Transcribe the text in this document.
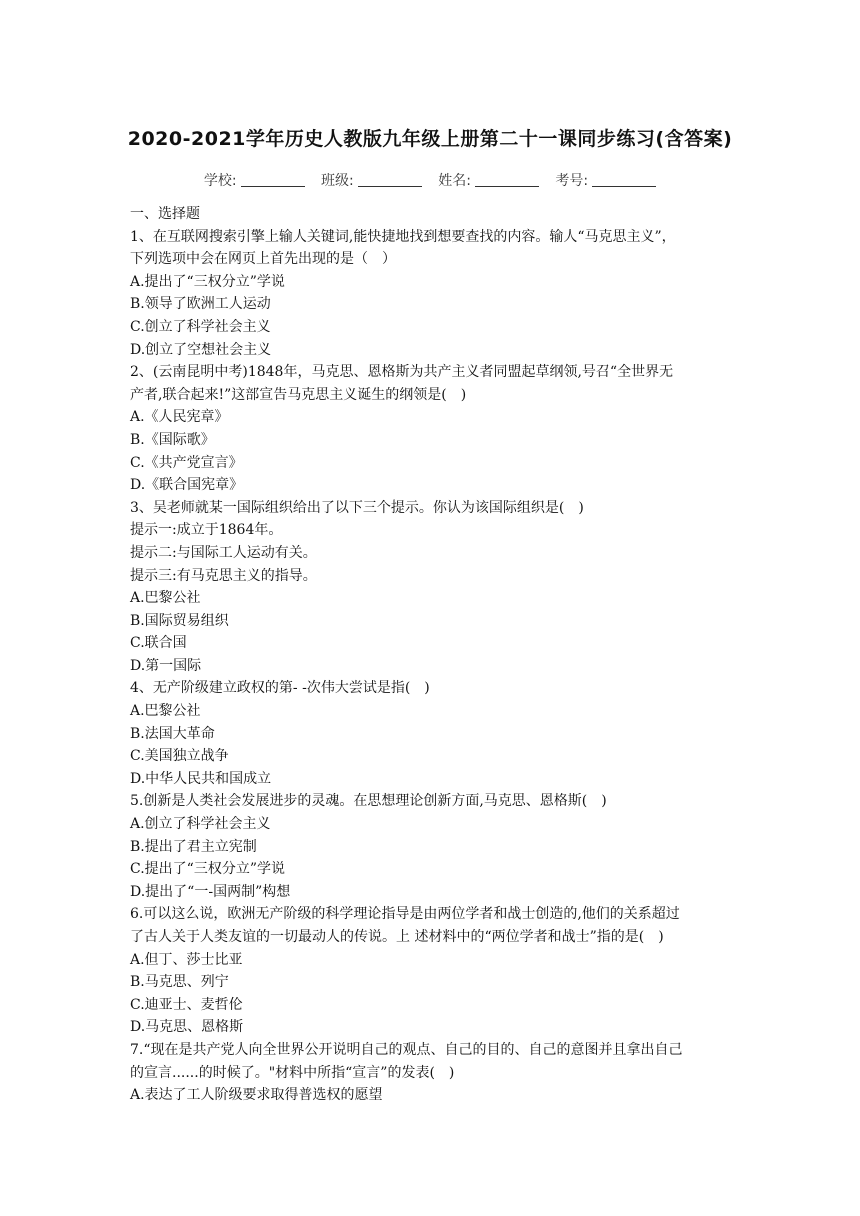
2020-2021学年历史人教版九年级上册第二十一课同步练习(含答案)
学校:	班级:	姓名:	考号:
一、选择题
1、在互联网搜索引擎上输人关键词,能快捷地找到想要查找的内容。输人“马克思主义”，
下列选项中会在网页上首先出现的是（　）
A.提出了“三权分立”学说
B.领导了欧洲工人运动
C.创立了科学社会主义
D.创立了空想社会主义
2、(云南昆明中考)1848年，马克思、恩格斯为共产主义者同盟起草纲领,号召“全世界无
产者,联合起来!”这部宣告马克思主义诞生的纲领是(　)
A.《人民宪章》
B.《国际歌》
C.《共产党宣言》
D.《联合国宪章》
3、吴老师就某一国际组织给出了以下三个提示。你认为该国际组织是(　)
提示一:成立于1864年。
提示二:与国际工人运动有关。
提示三:有马克思主义的指导。
A.巴黎公社
B.国际贸易组织
C.联合国
D.第一国际
4、无产阶级建立政权的第- -次伟大尝试是指(　)
A.巴黎公社
B.法国大革命
C.美国独立战争
D.中华人民共和国成立
5.创新是人类社会发展进步的灵魂。在思想理论创新方面,马克思、恩格斯(　)
A.创立了科学社会主义
B.提出了君主立宪制
C.提出了“三权分立”学说
D.提出了“一-国两制”构想
6.可以这么说，欧洲无产阶级的科学理论指导是由两位学者和战士创造的,他们的关系超过
了古人关于人类友谊的一切最动人的传说。上 述材料中的“两位学者和战士”指的是(　)
A.但丁、莎士比亚
B.马克思、列宁
C.迪亚士、麦哲伦
D.马克思、恩格斯
7.“现在是共产党人向全世界公开说明自己的观点、自己的目的、自己的意图并且拿出自己
的宣言......的时候了。"材料中所指“宣言”的发表(　)
A.表达了工人阶级要求取得普选权的愿望
